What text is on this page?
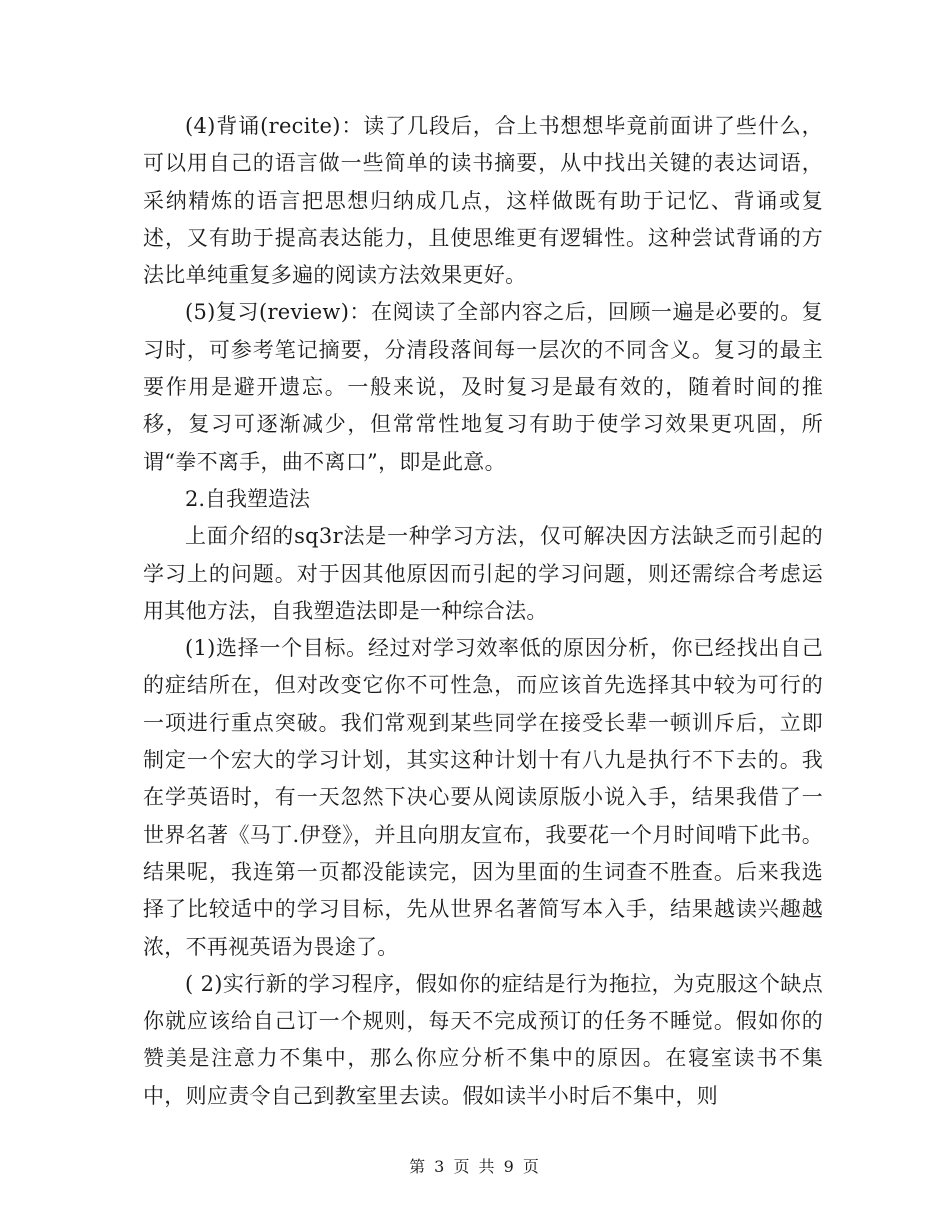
(4)背诵(recite)：读了几段后，合上书想想毕竟前面讲了些什么，可以用自己的语言做一些简单的读书摘要，从中找出关键的表达词语，采纳精炼的语言把思想归纳成几点，这样做既有助于记忆、背诵或复述，又有助于提高表达能力，且使思维更有逻辑性。这种尝试背诵的方法比单纯重复多遍的阅读方法效果更好。

(5)复习(review)：在阅读了全部内容之后，回顾一遍是必要的。复习时，可参考笔记摘要，分清段落间每一层次的不同含义。复习的最主要作用是避开遗忘。一般来说，及时复习是最有效的，随着时间的推移，复习可逐渐减少，但常常性地复习有助于使学习效果更巩固，所谓“拳不离手，曲不离口”，即是此意。

2.自我塑造法

上面介绍的sq3r法是一种学习方法，仅可解决因方法缺乏而引起的学习上的问题。对于因其他原因而引起的学习问题，则还需综合考虑运用其他方法，自我塑造法即是一种综合法。

(1)选择一个目标。经过对学习效率低的原因分析，你已经找出自己的症结所在，但对改变它你不可性急，而应该首先选择其中较为可行的一项进行重点突破。我们常观到某些同学在接受长辈一顿训斥后，立即制定一个宏大的学习计划，其实这种计划十有八九是执行不下去的。我在学英语时，有一天忽然下决心要从阅读原版小说入手，结果我借了一世界名著《马丁.伊登》，并且向朋友宣布，我要花一个月时间啃下此书。结果呢，我连第一页都没能读完，因为里面的生词查不胜查。后来我选择了比较适中的学习目标，先从世界名著简写本入手，结果越读兴趣越浓，不再视英语为畏途了。

( 2)实行新的学习程序，假如你的症结是行为拖拉，为克服这个缺点你就应该给自己订一个规则，每天不完成预订的任务不睡觉。假如你的赞美是注意力不集中，那么你应分析不集中的原因。在寝室读书不集中，则应责令自己到教室里去读。假如读半小时后不集中，则

第 3 页 共 9 页
